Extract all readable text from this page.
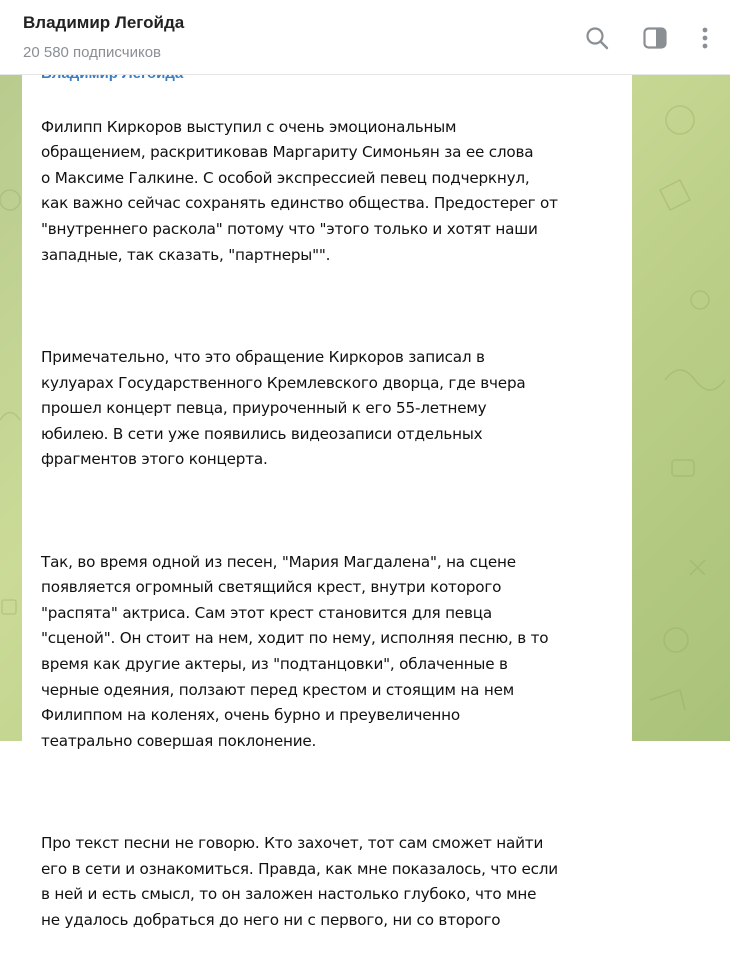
Филипп Киркоров выступил с очень эмоциональным
обращением, раскритиковав Маргариту Симоньян за ее слова
о Максиме Галкине. С особой экспрессией певец подчеркнул,
как важно сейчас сохранять единство общества. Предостерег от
"внутреннего раскола" потому что "этого только и хотят наши
западные, так сказать, "партнеры"".

Примечательно, что это обращение Киркоров записал в
кулуарах Государственного Кремлевского дворца, где вчера
прошел концерт певца, приуроченный к его 55-летнему
юбилею. В сети уже появились видеозаписи отдельных
фрагментов этого концерта.

Так, во время одной из песен, "Мария Магдалена", на сцене
появляется огромный светящийся крест, внутри которого
"распята" актриса. Сам этот крест становится для певца
"сценой". Он стоит на нем, ходит по нему, исполняя песню, в то
время как другие актеры, из "подтанцовки", облаченные в
черные одеяния, ползают перед крестом и стоящим на нем
Филиппом на коленях, очень бурно и преувеличенно
театрально совершая поклонение.

Про текст песни не говорю. Кто захочет, тот сам сможет найти
его в сети и ознакомиться. Правда, как мне показалось, что если
в ней и есть смысл, то он заложен настолько глубоко, что мне
не удалось добраться до него ни с первого, ни со второго

Владимир Легойда
20 580 подписчиков
